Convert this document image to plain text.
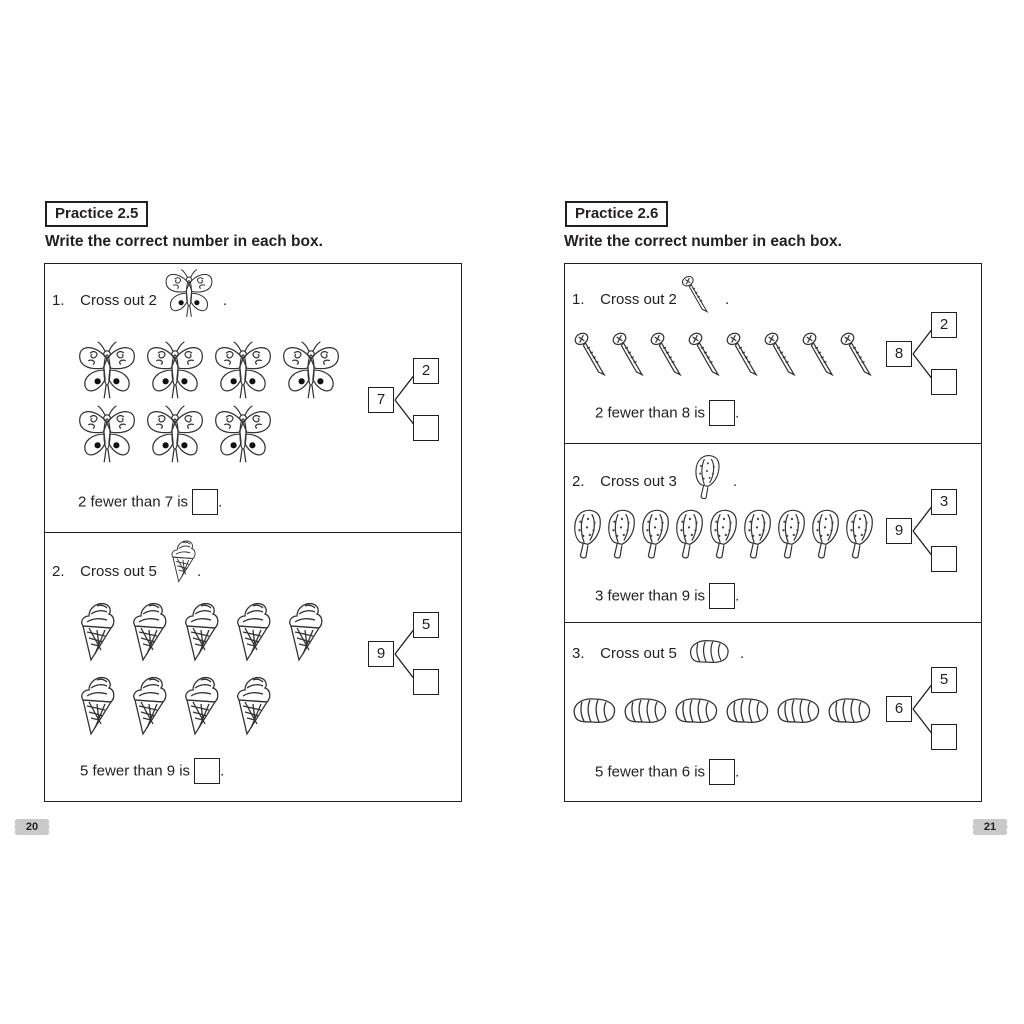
Practice 2.5
Write the correct number in each box.
1. Cross out 2	.
7
2
2 fewer than 7 is .
2. Cross out 5	.
9
5
5 fewer than 9 is .
20
Practice 2.6
Write the correct number in each box.
1. Cross out 2	.
8
2
2 fewer than 8 is .
2. Cross out 3	.
9
3
3 fewer than 9 is .
3. Cross out 5	.
6
5
5 fewer than 6 is .
21
